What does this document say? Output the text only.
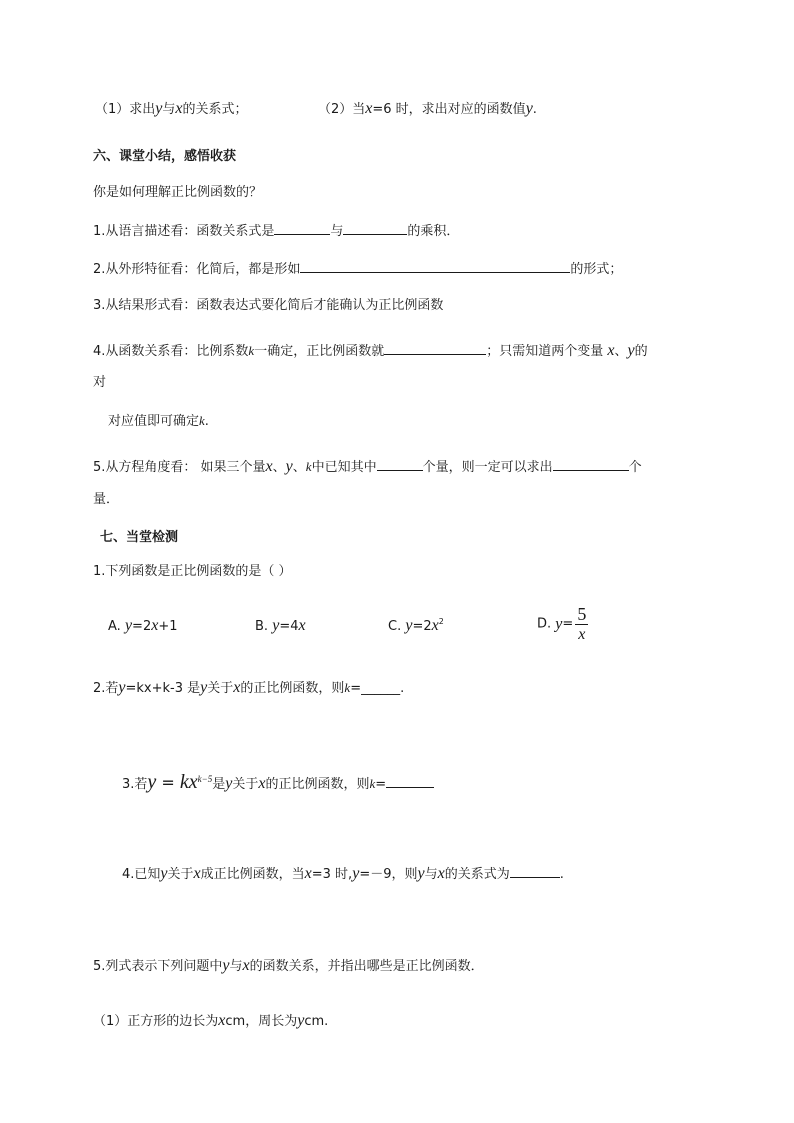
（1）求出y与x的关系式；	（2）当x=6 时，求出对应的函数值y.
六、课堂小结，感悟收获
你是如何理解正比例函数的？
1.从语言描述看：函数关系式是	与	的乘积．
2.从外形特征看：化简后，都是形如	的形式；
3.从结果形式看：函数表达式要化简后才能确认为正比例函数
4.从函数关系看：比例系数k一确定，正比例函数就	；只需知道两个变量 x、y的
对
对应值即可确定k.
5.从方程角度看： 如果三个量x、y、k中已知其中	个量，则一定可以求出	个
量．
七、当堂检测
1.下列函数是正比例函数的是（ ）
A. y=2x+1	B. y=4x	C. $y=2x^2$	D. $y= \frac{5}{x}$
2.若y=kx+k-3 是y关于x的正比例函数，则k=______.
3.若$y = kx^{k-5}$是y关于x的正比例函数，则k=
4.已知y关于x成正比例函数，当x=3 时,y=－9，则y与x的关系式为	.
5.列式表示下列问题中y与x的函数关系，并指出哪些是正比例函数．
（1）正方形的边长为xcm，周长为ycm.
